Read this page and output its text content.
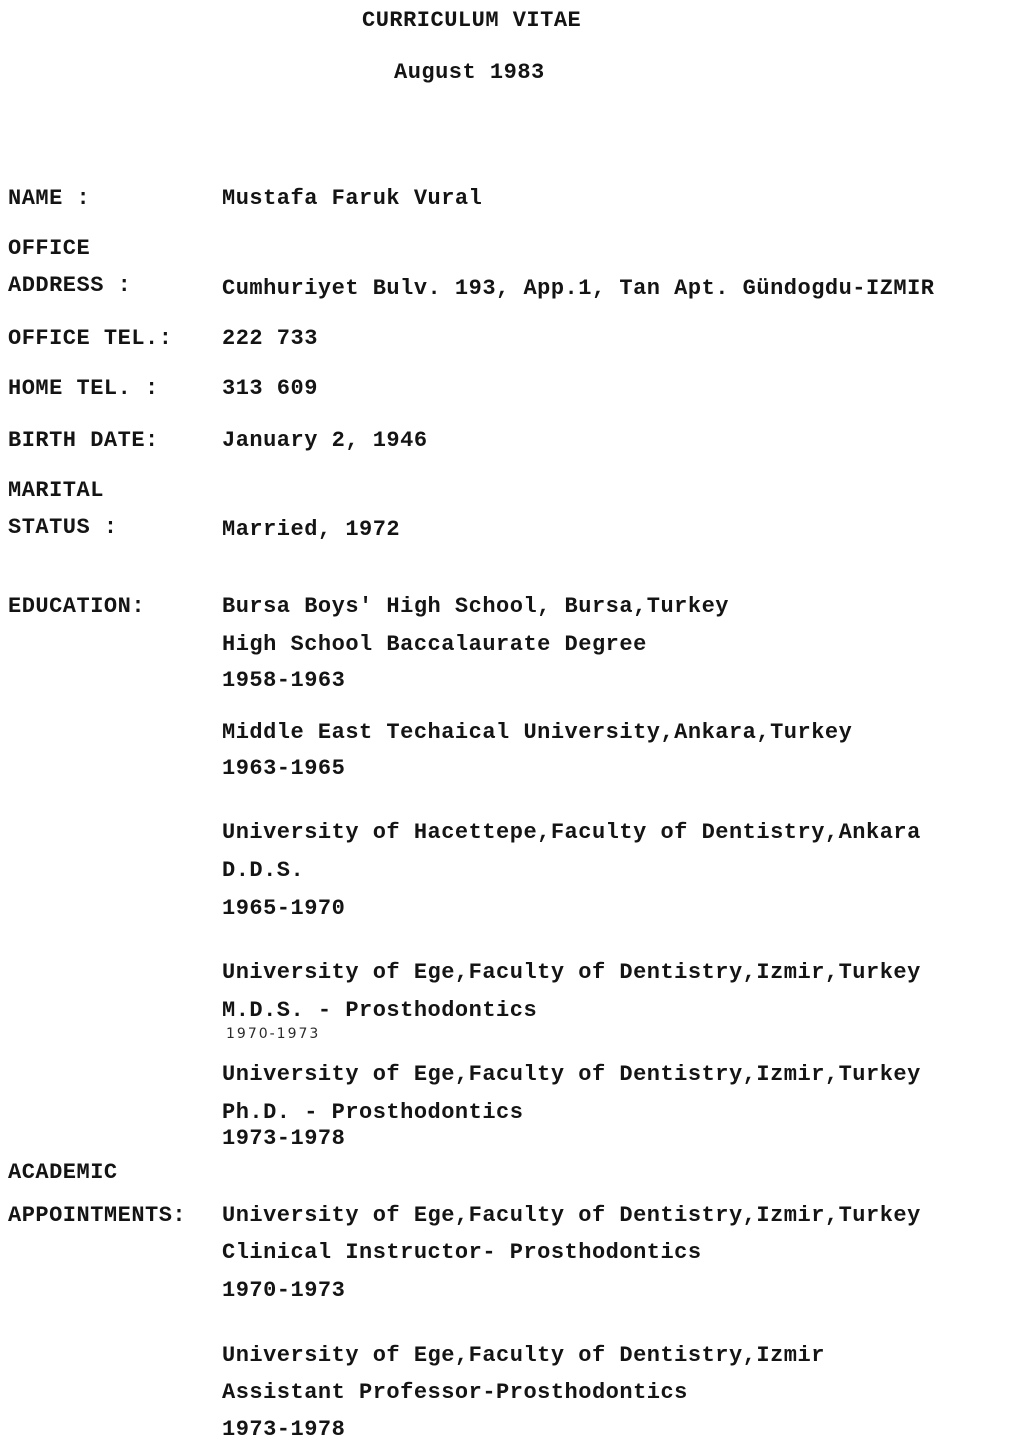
CURRICULUM VITAE
August 1983
NAME :	Mustafa Faruk Vural
OFFICE
ADDRESS :	Cumhuriyet Bulv. 193, App.1, Tan Apt. Gündogdu-IZMIR
OFFICE TEL.: 222 733
HOME TEL. :	313 609
BIRTH DATE:	January 2, 1946
MARITAL
STATUS :	Married, 1972
EDUCATION:	Bursa Boys' High School, Bursa,Turkey
High School Baccalaurate Degree
1958-1963
Middle East Techaical University,Ankara,Turkey
1963-1965
University of Hacettepe,Faculty of Dentistry,Ankara
D.D.S.
1965-1970
University of Ege,Faculty of Dentistry,Izmir,Turkey
M.D.S. - Prosthodontics
1970-1973
University of Ege,Faculty of Dentistry,Izmir,Turkey
Ph.D. - Prosthodontics
1973-1978
ACADEMIC
APPOINTMENTS: University of Ege,Faculty of Dentistry,Izmir,Turkey
Clinical Instructor- Prosthodontics
1970-1973
University of Ege,Faculty of Dentistry,Izmir
Assistant Professor-Prosthodontics
1973-1978
